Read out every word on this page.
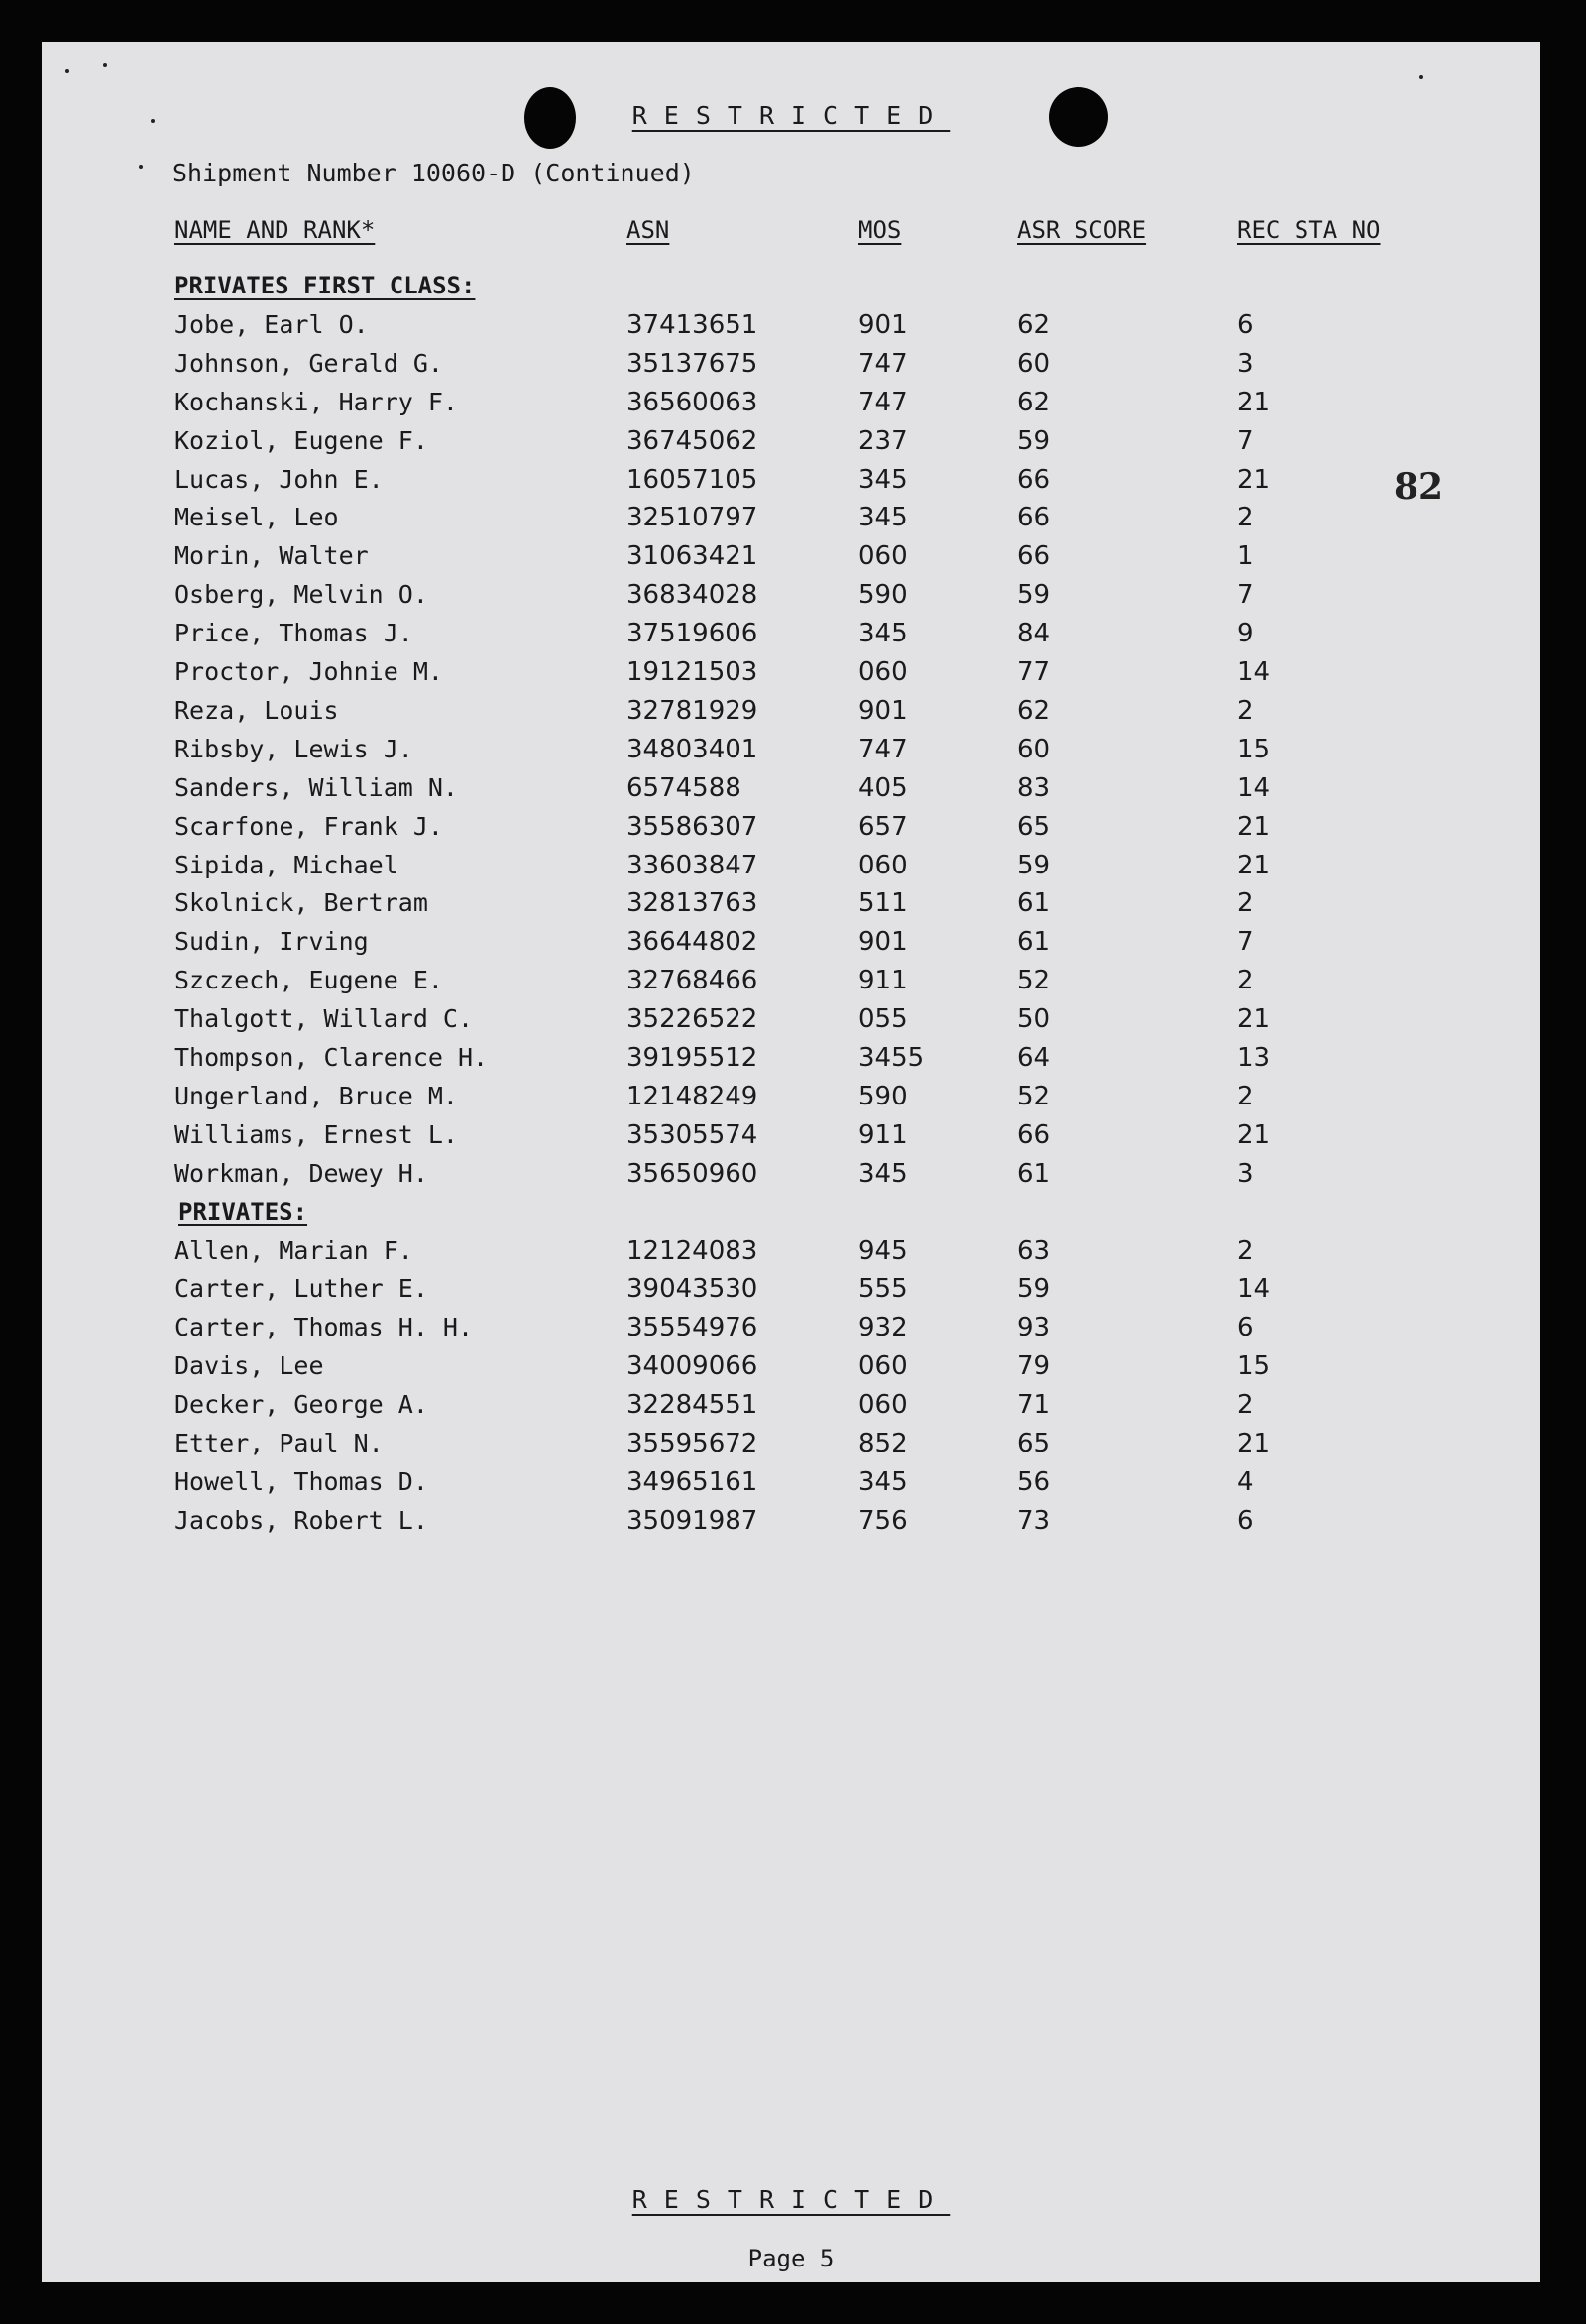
RESTRICTED
Shipment Number 10060-D (Continued)
NAME AND RANK*	ASN	MOS	ASR SCORE	REC STA NO
82
PRIVATES FIRST CLASS:
Jobe, Earl O.	37413651	901	62	6
Johnson, Gerald G.	35137675	747	60	3
Kochanski, Harry F.	36560063	747	62	21
Koziol, Eugene F.	36745062	237	59	7
Lucas, John E.	16057105	345	66	21
Meisel, Leo	32510797	345	66	2
Morin, Walter	31063421	060	66	1
Osberg, Melvin O.	36834028	590	59	7
Price, Thomas J.	37519606	345	84	9
Proctor, Johnie M.	19121503	060	77	14
Reza, Louis	32781929	901	62	2
Ribsby, Lewis J.	34803401	747	60	15
Sanders, William N.	6574588	405	83	14
Scarfone, Frank J.	35586307	657	65	21
Sipida, Michael	33603847	060	59	21
Skolnick, Bertram	32813763	511	61	2
Sudin, Irving	36644802	901	61	7
Szczech, Eugene E.	32768466	911	52	2
Thalgott, Willard C.	35226522	055	50	21
Thompson, Clarence H.	39195512	3455	64	13
Ungerland, Bruce M.	12148249	590	52	2
Williams, Ernest L.	35305574	911	66	21
Workman, Dewey H.	35650960	345	61	3
PRIVATES:
Allen, Marian F.	12124083	945	63	2
Carter, Luther E.	39043530	555	59	14
Carter, Thomas H. H.	35554976	932	93	6
Davis, Lee	34009066	060	79	15
Decker, George A.	32284551	060	71	2
Etter, Paul N.	35595672	852	65	21
Howell, Thomas D.	34965161	345	56	4
Jacobs, Robert L.	35091987	756	73	6
RESTRICTED
Page 5
